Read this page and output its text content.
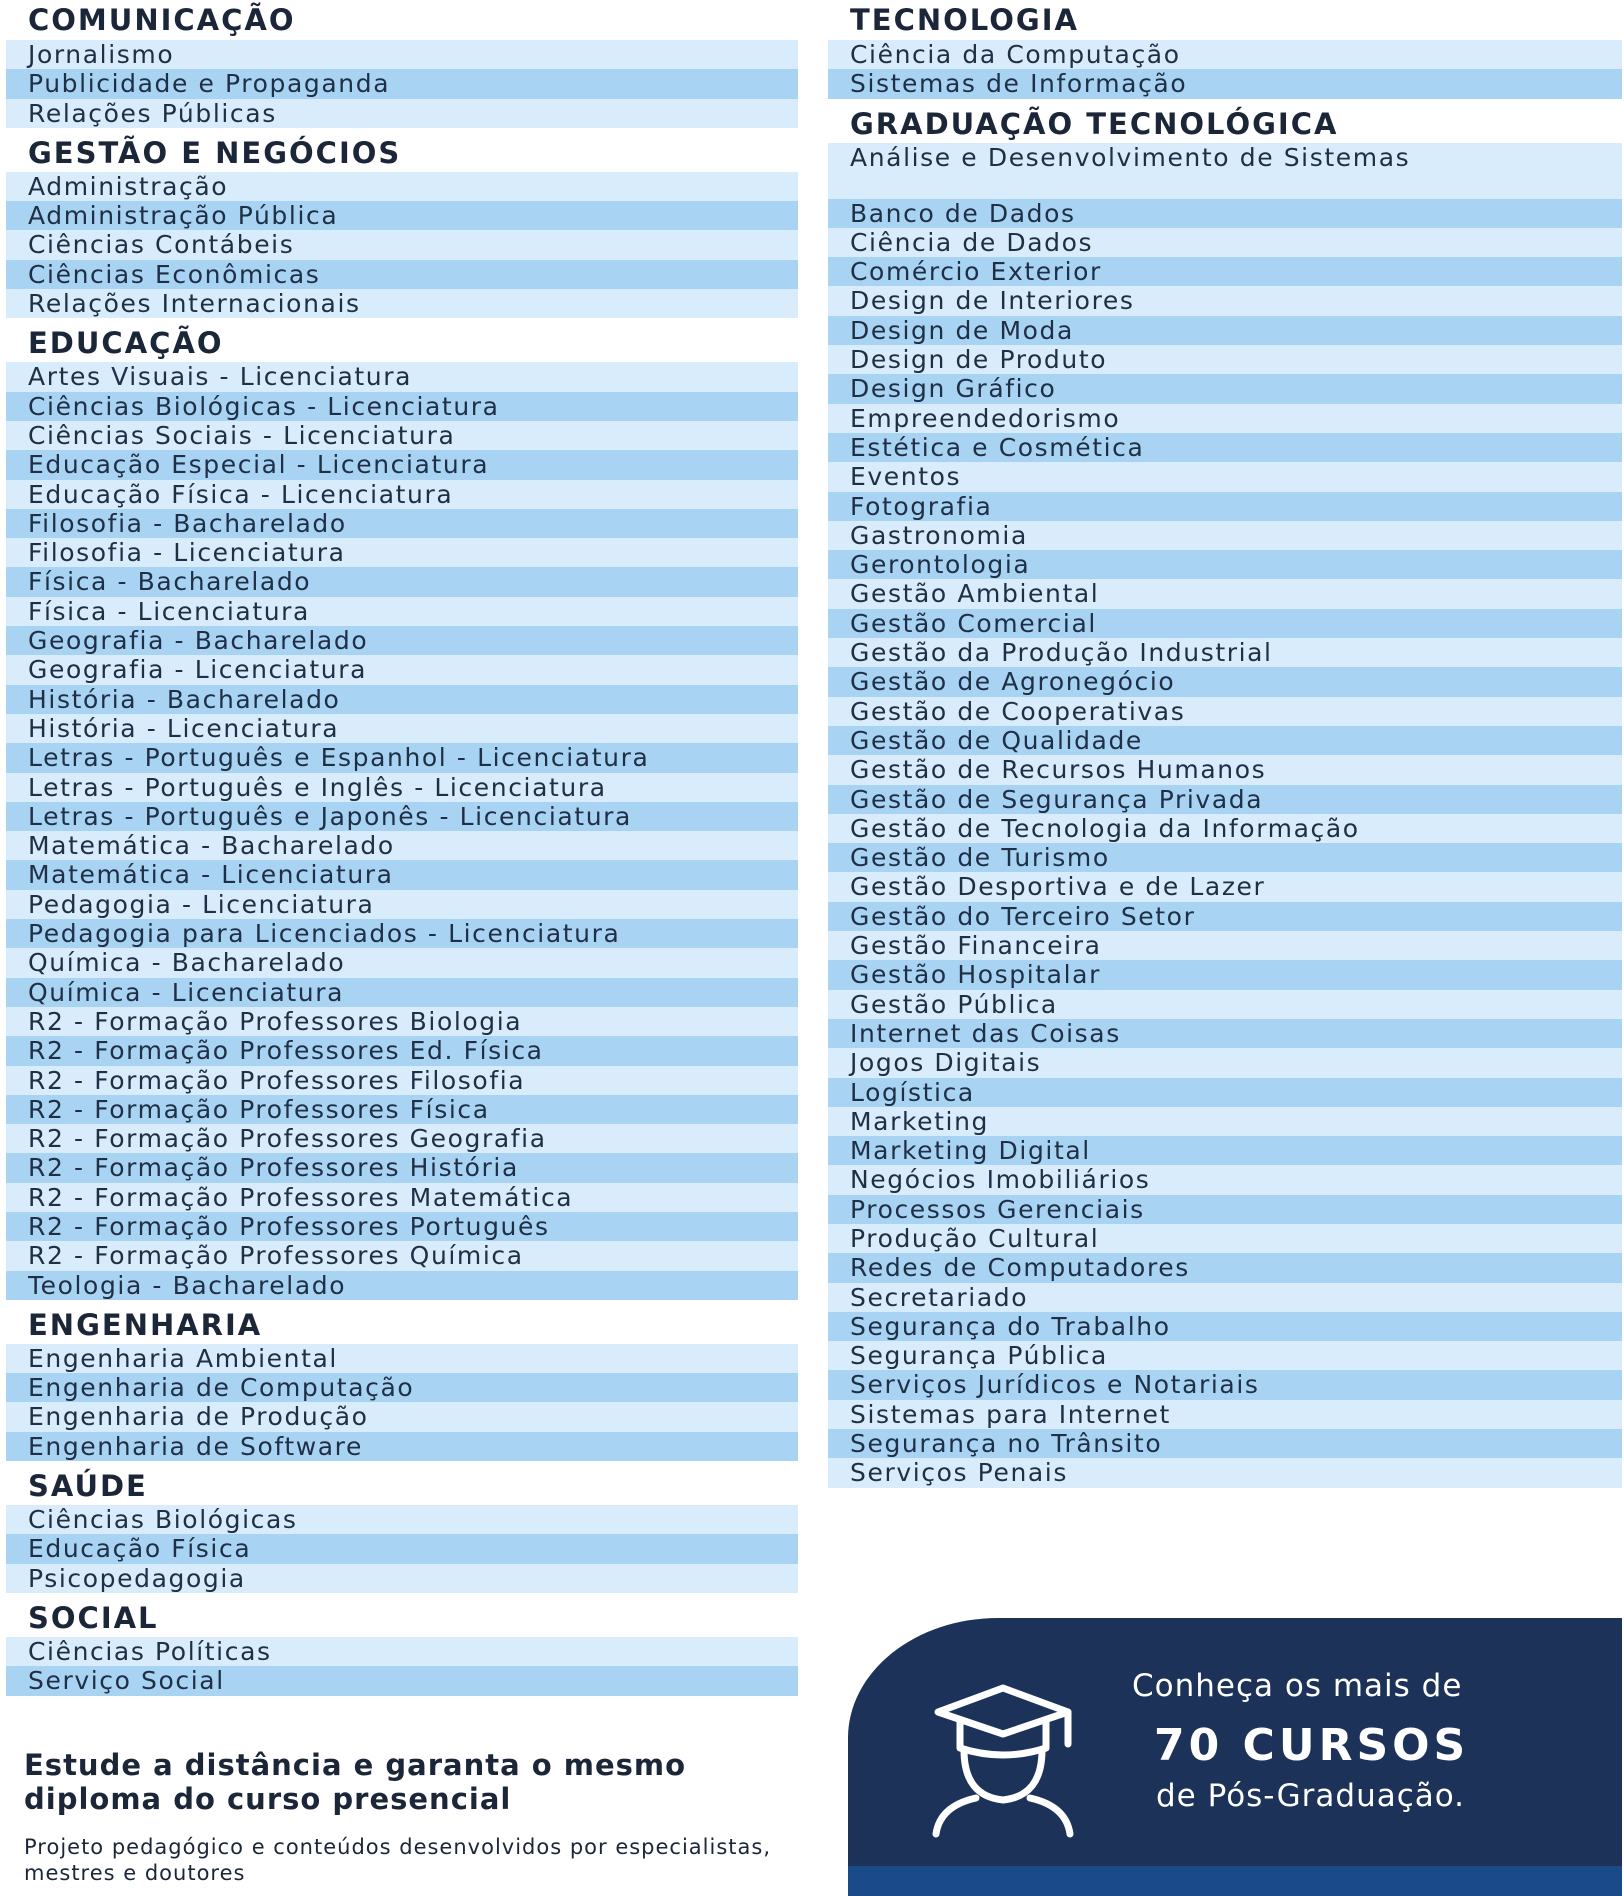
COMUNICAÇÃO
Jornalismo
Publicidade e Propaganda
Relações Públicas
GESTÃO E NEGÓCIOS
Administração
Administração Pública
Ciências Contábeis
Ciências Econômicas
Relações Internacionais
EDUCAÇÃO
Artes Visuais - Licenciatura
Ciências Biológicas - Licenciatura
Ciências Sociais - Licenciatura
Educação Especial - Licenciatura
Educação Física - Licenciatura
Filosofia - Bacharelado
Filosofia - Licenciatura
Física - Bacharelado
Física - Licenciatura
Geografia - Bacharelado
Geografia - Licenciatura
História - Bacharelado
História - Licenciatura
Letras - Português e Espanhol - Licenciatura
Letras - Português e Inglês - Licenciatura
Letras - Português e Japonês - Licenciatura
Matemática - Bacharelado
Matemática - Licenciatura
Pedagogia - Licenciatura
Pedagogia para Licenciados - Licenciatura
Química - Bacharelado
Química - Licenciatura
R2 - Formação Professores Biologia
R2 - Formação Professores Ed. Física
R2 - Formação Professores Filosofia
R2 - Formação Professores Física
R2 - Formação Professores Geografia
R2 - Formação Professores História
R2 - Formação Professores Matemática
R2 - Formação Professores Português
R2 - Formação Professores Química
Teologia - Bacharelado
ENGENHARIA
Engenharia Ambiental
Engenharia de Computação
Engenharia de Produção
Engenharia de Software
SAÚDE
Ciências Biológicas
Educação Física
Psicopedagogia
SOCIAL
Ciências Políticas
Serviço Social
TECNOLOGIA
Ciência da Computação
Sistemas de Informação
GRADUAÇÃO TECNOLÓGICA
Análise e Desenvolvimento de Sistemas
Banco de Dados
Ciência de Dados
Comércio Exterior
Design de Interiores
Design de Moda
Design de Produto
Design Gráfico
Empreendedorismo
Estética e Cosmética
Eventos
Fotografia
Gastronomia
Gerontologia
Gestão Ambiental
Gestão Comercial
Gestão da Produção Industrial
Gestão de Agronegócio
Gestão de Cooperativas
Gestão de Qualidade
Gestão de Recursos Humanos
Gestão de Segurança Privada
Gestão de Tecnologia da Informação
Gestão de Turismo
Gestão Desportiva e de Lazer
Gestão do Terceiro Setor
Gestão Financeira
Gestão Hospitalar
Gestão Pública
Internet das Coisas
Jogos Digitais
Logística
Marketing
Marketing Digital
Negócios Imobiliários
Processos Gerenciais
Produção Cultural
Redes de Computadores
Secretariado
Segurança do Trabalho
Segurança Pública
Serviços Jurídicos e Notariais
Sistemas para Internet
Segurança no Trânsito
Serviços Penais
Estude a distância e garanta o mesmo diploma do curso presencial
Projeto pedagógico e conteúdos desenvolvidos por especialistas, mestres e doutores
Conheça os mais de
70 CURSOS
de Pós-Graduação.
